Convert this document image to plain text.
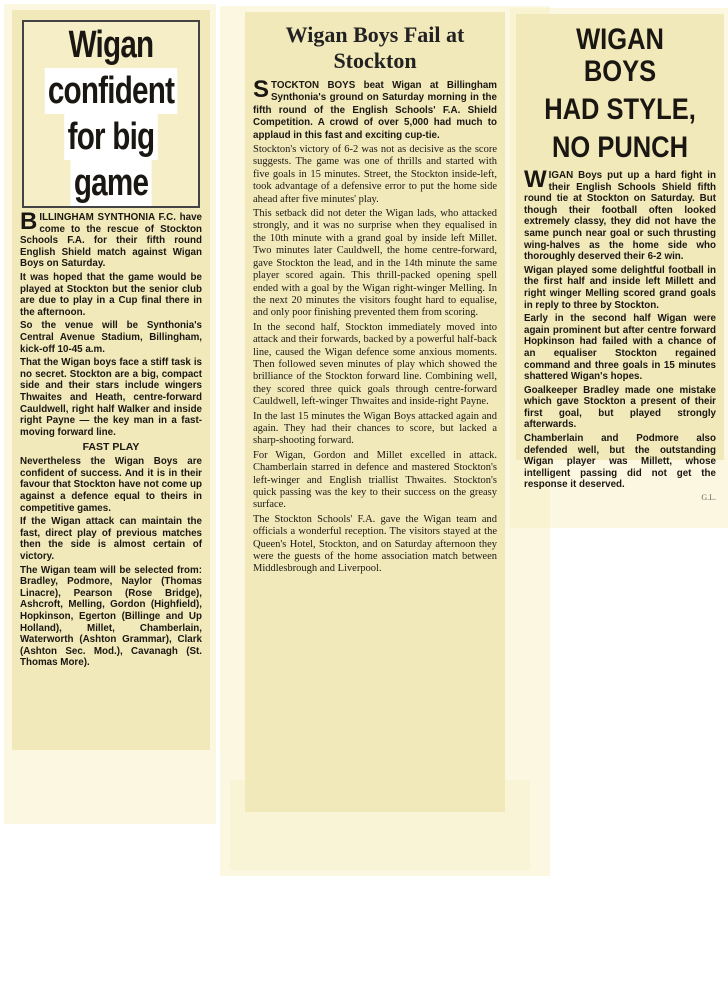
Wigan
confident
for big
game
BILLINGHAM SYNTHONIA F.C. have come to the rescue of Stockton Schools F.A. for their fifth round English Shield match against Wigan Boys on Saturday.
It was hoped that the game would be played at Stockton but the senior club are due to play in a Cup final there in the afternoon.
So the venue will be Synthonia's Central Avenue Stadium, Billingham, kick-off 10-45 a.m.
That the Wigan boys face a stiff task is no secret. Stockton are a big, compact side and their stars include wingers Thwaites and Heath, centre-forward Cauldwell, right half Walker and inside right Payne — the key man in a fast-moving forward line.
FAST PLAY
Nevertheless the Wigan Boys are confident of success. And it is in their favour that Stockton have not come up against a defence equal to theirs in competitive games.
If the Wigan attack can maintain the fast, direct play of previous matches then the side is almost certain of victory.
The Wigan team will be selected from: Bradley, Podmore, Naylor (Thomas Linacre), Pearson (Rose Bridge), Ashcroft, Melling, Gordon (Highfield), Hopkinson, Egerton (Billinge and Up Holland), Millet, Chamberlain, Waterworth (Ashton Grammar), Clark (Ashton Sec. Mod.), Cavanagh (St. Thomas More).
Wigan Boys Fail at Stockton
STOCKTON BOYS beat Wigan at Billingham Synthonia's ground on Saturday morning in the fifth round of the English Schools' F.A. Shield Competition. A crowd of over 5,000 had much to applaud in this fast and exciting cup-tie.
Stockton's victory of 6-2 was not as decisive as the score suggests. The game was one of thrills and started with five goals in 15 minutes. Street, the Stockton inside-left, took advantage of a defensive error to put the home side ahead after five minutes' play.
This setback did not deter the Wigan lads, who attacked strongly, and it was no surprise when they equalised in the 10th minute with a grand goal by inside left Millet. Two minutes later Cauldwell, the home centre-forward, gave Stockton the lead, and in the 14th minute the same player scored again. This thrill-packed opening spell ended with a goal by the Wigan right-winger Melling. In the next 20 minutes the visitors fought hard to equalise, and only poor finishing prevented them from scoring.
In the second half, Stockton immediately moved into attack and their forwards, backed by a powerful half-back line, caused the Wigan defence some anxious moments. Then followed seven minutes of play which showed the brilliance of the Stockton forward line. Combining well, they scored three quick goals through centre-forward Cauldwell, left-winger Thwaites and inside-right Payne.
In the last 15 minutes the Wigan Boys attacked again and again. They had their chances to score, but lacked a sharp-shooting forward.
For Wigan, Gordon and Millet excelled in attack. Chamberlain starred in defence and mastered Stockton's left-winger and English triallist Thwaites. Stockton's quick passing was the key to their success on the greasy surface.
The Stockton Schools' F.A. gave the Wigan team and officials a wonderful reception. The visitors stayed at the Queen's Hotel, Stockton, and on Saturday afternoon they were the guests of the home association match between Middlesbrough and Liverpool.
WIGAN BOYS
HAD STYLE,
NO PUNCH
WIGAN Boys put up a hard fight in their English Schools Shield fifth round tie at Stockton on Saturday. But though their football often looked extremely classy, they did not have the same punch near goal or such thrusting wing-halves as the home side who thoroughly deserved their 6-2 win.
Wigan played some delightful football in the first half and inside left Millett and right winger Melling scored grand goals in reply to three by Stockton.
Early in the second half Wigan were again prominent but after centre forward Hopkinson had failed with a chance of an equaliser Stockton regained command and three goals in 15 minutes shattered Wigan's hopes.
Goalkeeper Bradley made one mistake which gave Stockton a present of their first goal, but played strongly afterwards.
Chamberlain and Podmore also defended well, but the outstanding Wigan player was Millett, whose intelligent passing did not get the response it deserved.
G.L.
